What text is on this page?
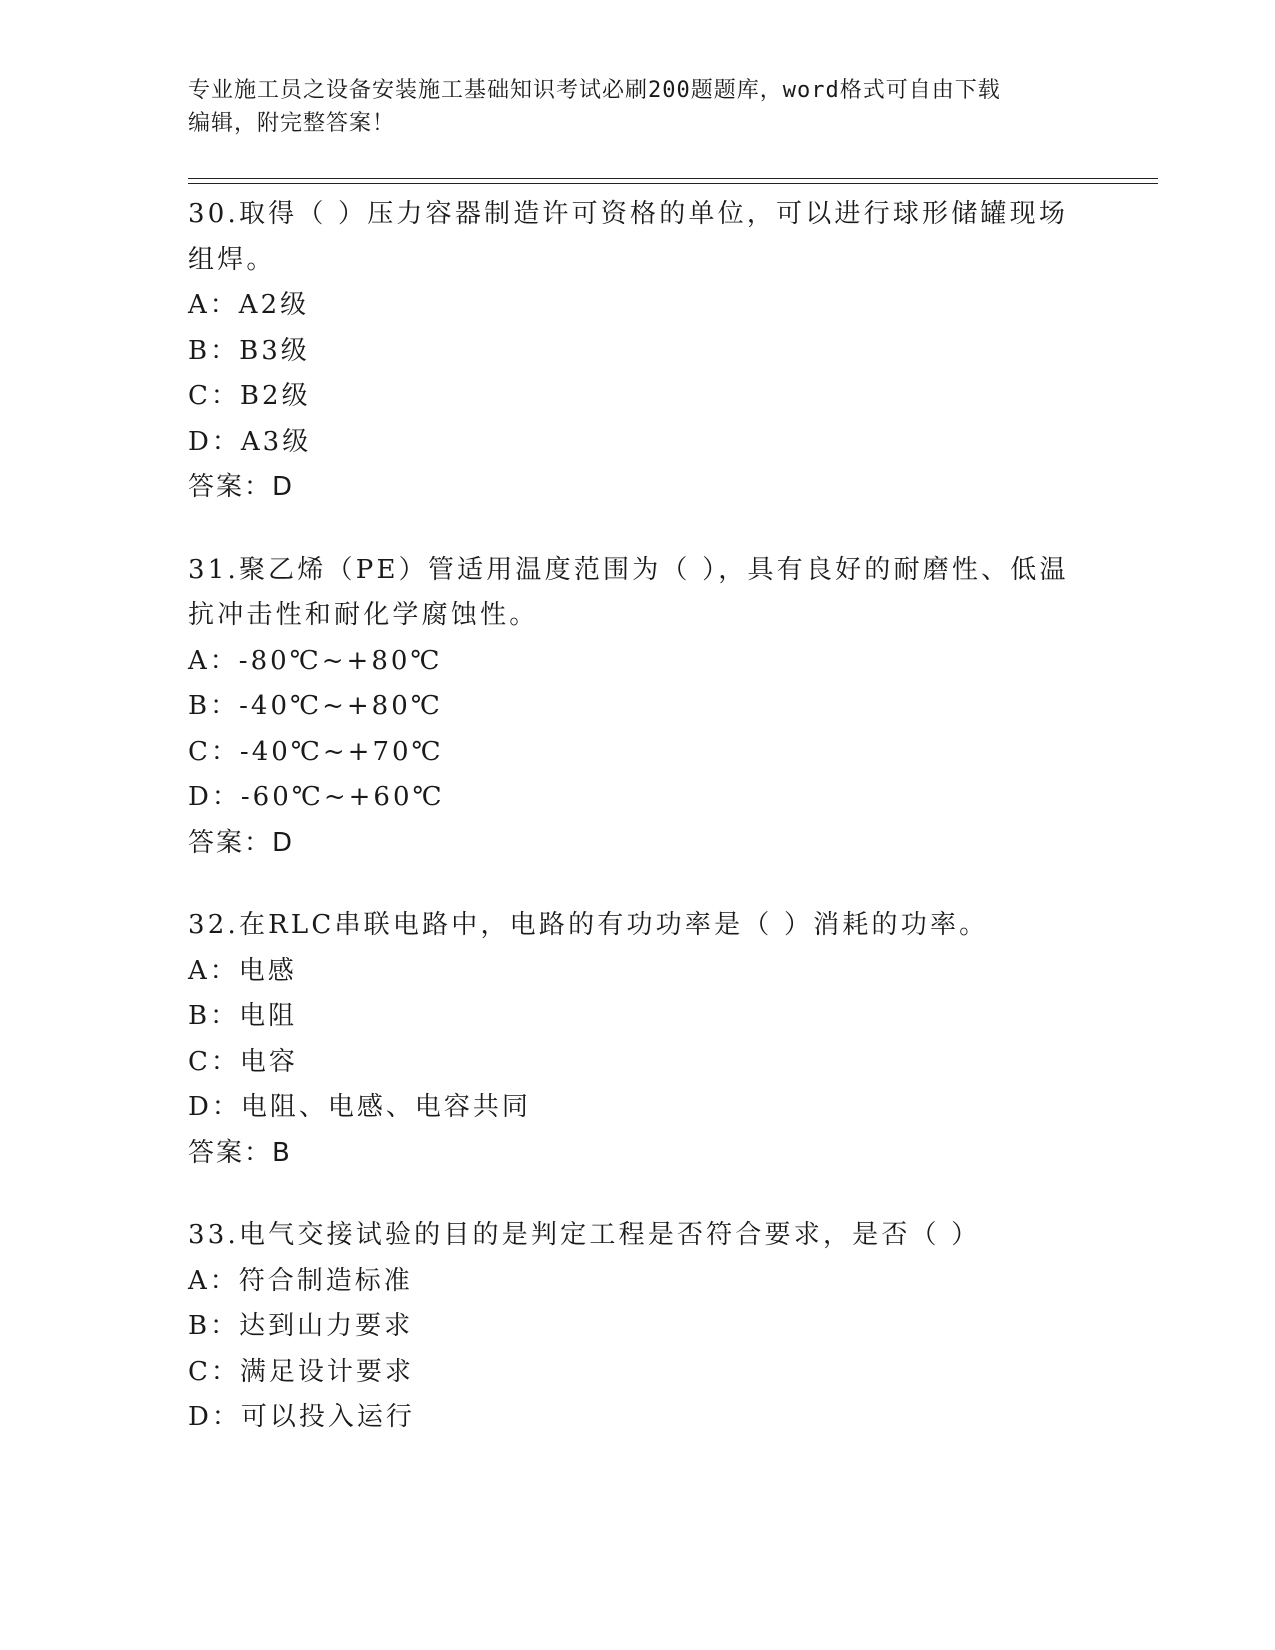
专业施工员之设备安装施工基础知识考试必刷200题题库，word格式可自由下载
编辑，附完整答案！
30.取得（ ）压力容器制造许可资格的单位，可以进行球形储罐现场
组焊。
A：A2级
B：B3级
C：B2级
D：A3级
答案：D
31.聚乙烯（PE）管适用温度范围为（ ），具有良好的耐磨性、低温
抗冲击性和耐化学腐蚀性。
A：-80℃~+80℃
B：-40℃~+80℃
C：-40℃~+70℃
D：-60℃~+60℃
答案：D
32.在RLC串联电路中，电路的有功功率是（ ）消耗的功率。
A：电感
B：电阻
C：电容
D：电阻、电感、电容共同
答案：B
33.电气交接试验的目的是判定工程是否符合要求，是否（ ）
A：符合制造标准
B：达到山力要求
C：满足设计要求
D：可以投入运行
